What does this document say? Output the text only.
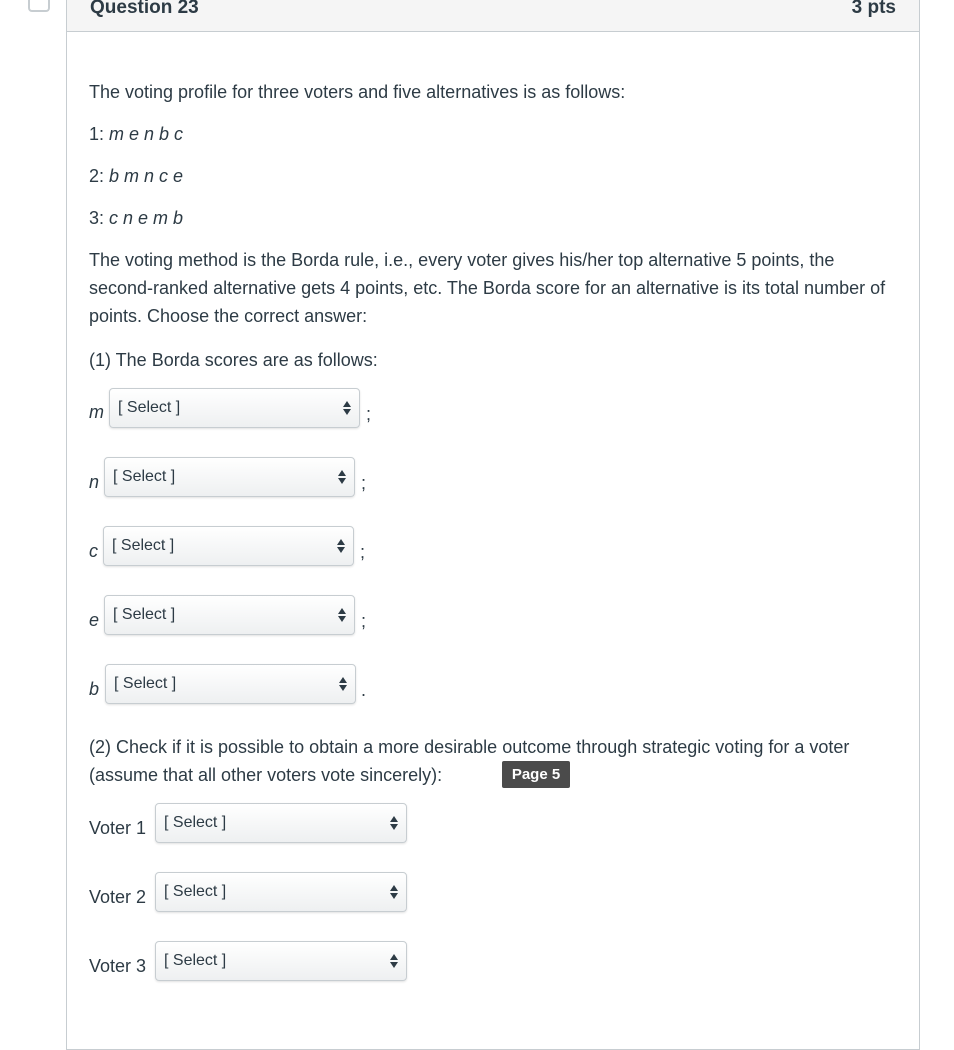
Question 23	3 pts
The voting profile for three voters and five alternatives is as follows:
1: m e n b c
2: b m n c e
3: c n e m b
The voting method is the Borda rule, i.e., every voter gives his/her top alternative 5 points, the second-ranked alternative gets 4 points, etc. The Borda score for an alternative is its total number of points. Choose the correct answer:
(1) The Borda scores are as follows:
m [ Select ]	;
n [ Select ]	;
c [ Select ]	;
e [ Select ]	;
b [ Select ]	.
(2) Check if it is possible to obtain a more desirable outcome through strategic voting for a voter (assume that all other voters vote sincerely):	Page 5
Voter 1 [ Select ]
Voter 2 [ Select ]
Voter 3 [ Select ]
